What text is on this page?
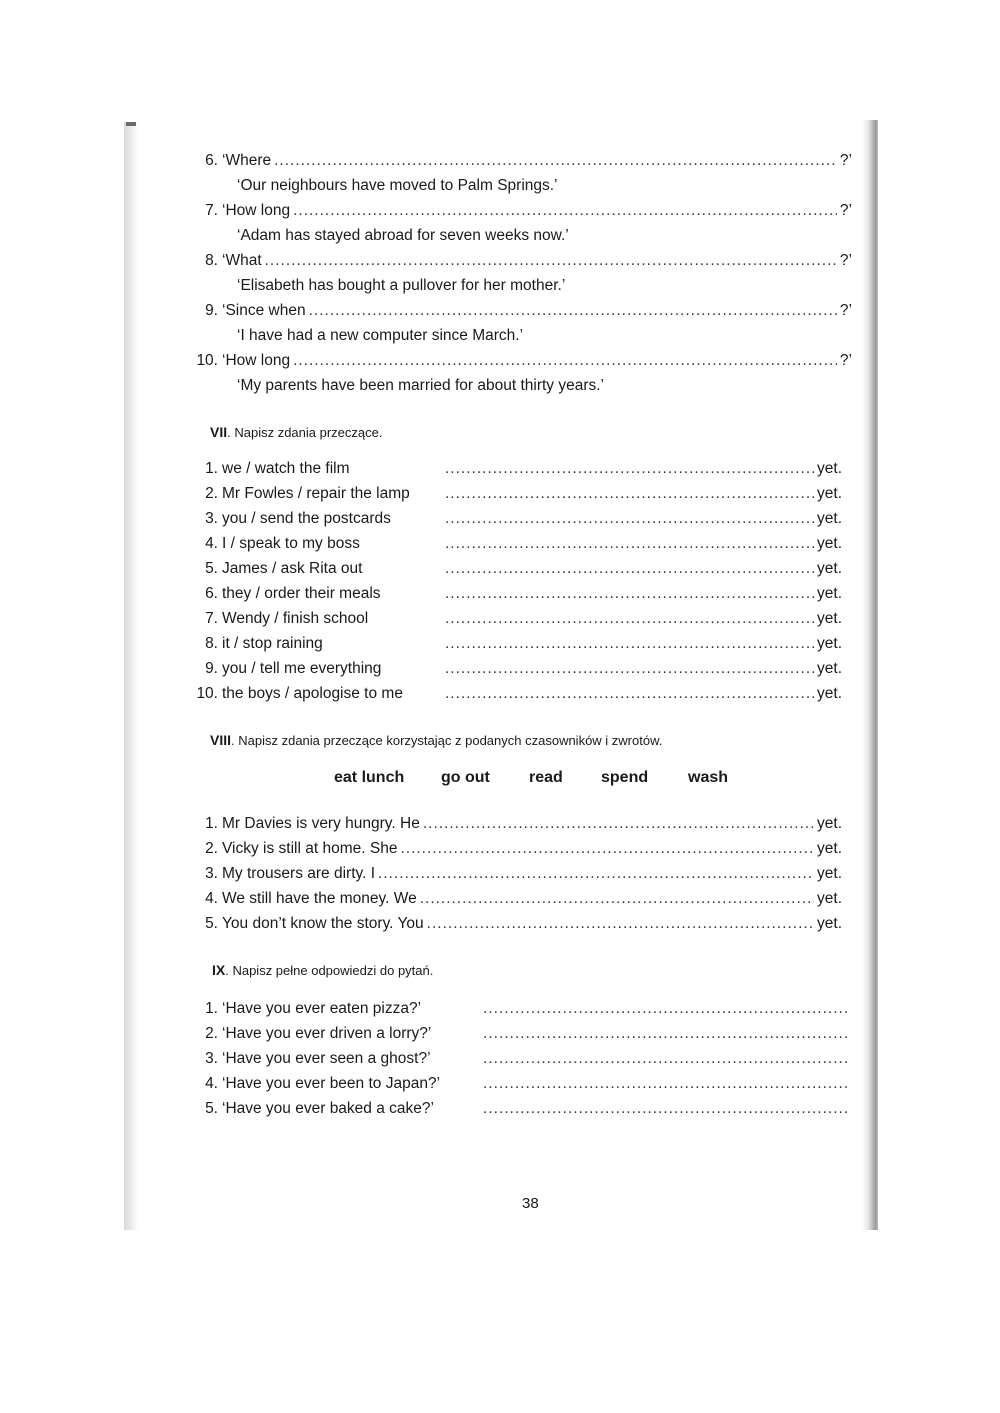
6. ‘Where .....	?’
‘Our neighbours have moved to Palm Springs.’
7. ‘How long .....	?’
‘Adam has stayed abroad for seven weeks now.’
8. ‘What .....	?’
‘Elisabeth has bought a pullover for her mother.’
9. ‘Since when .....	?’
‘I have had a new computer since March.’
10. ‘How long .....	?’
‘My parents have been married for about thirty years.’
VII. Napisz zdania przeczące.
1. we / watch the film .....	yet.
2. Mr Fowles / repair the lamp .....	yet.
3. you / send the postcards .....	yet.
4. I / speak to my boss .....	yet.
5. James / ask Rita out .....	yet.
6. they / order their meals .....	yet.
7. Wendy / finish school .....	yet.
8. it / stop raining .....	yet.
9. you / tell me everything .....	yet.
10. the boys / apologise to me .....	yet.
VIII. Napisz zdania przeczące korzystając z podanych czasowników i zwrotów.
eat lunch go out read spend wash
1. Mr Davies is very hungry. He .....	yet.
2. Vicky is still at home. She .....	yet.
3. My trousers are dirty. I .....	yet.
4. We still have the money. We .....	yet.
5. You don’t know the story. You .....	yet.
IX. Napisz pełne odpowiedzi do pytań.
1. ‘Have you ever eaten pizza?’
.....
2. ‘Have you ever driven a lorry?’
.....
3. ‘Have you ever seen a ghost?’
.....
4. ‘Have you ever been to Japan?’
.....
5. ‘Have you ever baked a cake?’
.....
38
